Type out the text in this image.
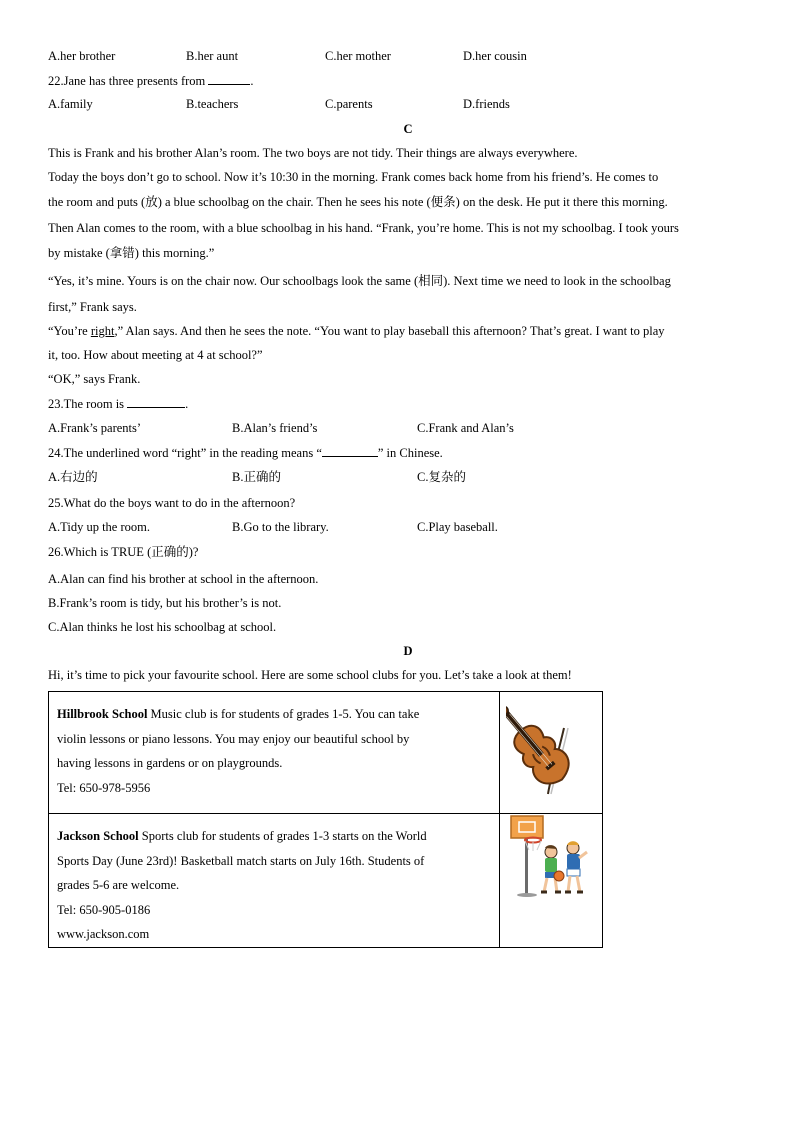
A.her brother	B.her aunt	C.her mother	D.her cousin
22.Jane has three presents from	.
A.family	B.teachers	C.parents	D.friends
C
This is Frank and his brother Alan’s room. The two boys are not tidy. Their things are always everywhere.
Today the boys don’t go to school. Now it’s 10:30 in the morning. Frank comes back home from his friend’s. He comes to
the room and puts (放) a blue schoolbag on the chair. Then he sees his note (便条) on the desk. He put it there this morning.
Then Alan comes to the room, with a blue schoolbag in his hand. “Frank, you’re home. This is not my schoolbag. I took yours
by mistake (拿错) this morning.”
“Yes, it’s mine. Yours is on the chair now. Our schoolbags look the same (相同). Next time we need to look in the schoolbag
first,” Frank says.
“You’re right,” Alan says. And then he sees the note. “You want to play baseball this afternoon? That’s great. I want to play
it, too. How about meeting at 4 at school?”
“OK,” says Frank.
23.The room is	.
A.Frank’s parents’	B.Alan’s friend’s	C.Frank and Alan’s
24.The underlined word “right” in the reading means “	” in Chinese.
A.右边的	B.正确的	C.复杂的
25.What do the boys want to do in the afternoon?
A.Tidy up the room.	B.Go to the library.	C.Play baseball.
26.Which is TRUE (正确的)?
A.Alan can find his brother at school in the afternoon.
B.Frank’s room is tidy, but his brother’s is not.
C.Alan thinks he lost his schoolbag at school.
D
Hi, it’s time to pick your favourite school. Here are some school clubs for you. Let’s take a look at them!
Hillbrook School Music club is for students of grades 1-5. You can take
violin lessons or piano lessons. You may enjoy our beautiful school by
having lessons in gardens or on playgrounds.
Tel: 650-978-5956

Jackson School Sports club for students of grades 1-3 starts on the World
Sports Day (June 23rd)! Basketball match starts on July 16th. Students of
grades 5-6 are welcome.
Tel: 650-905-0186
www.jackson.com
